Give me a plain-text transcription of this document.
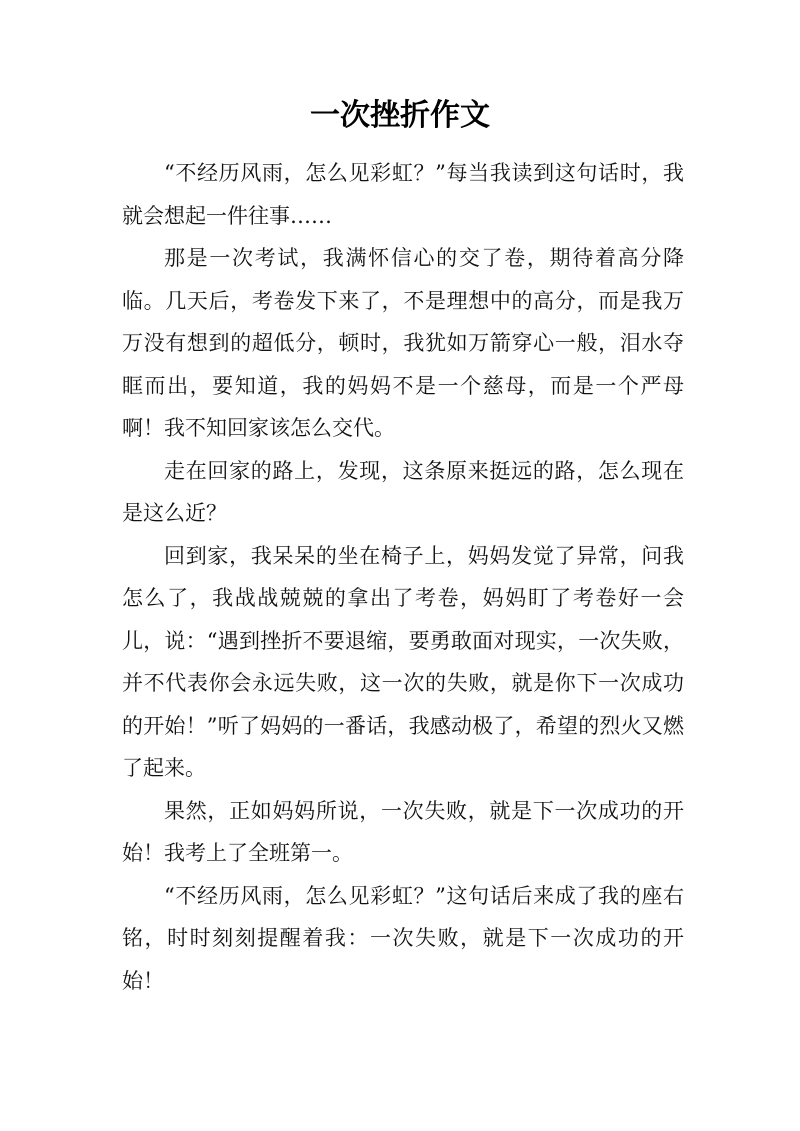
一次挫折作文

“不经历风雨，怎么见彩虹？”每当我读到这句话时，我就会想起一件往事……

那是一次考试，我满怀信心的交了卷，期待着高分降临。几天后，考卷发下来了，不是理想中的高分，而是我万万没有想到的超低分，顿时，我犹如万箭穿心一般，泪水夺眶而出，要知道，我的妈妈不是一个慈母，而是一个严母啊！我不知回家该怎么交代。

走在回家的路上，发现，这条原来挺远的路，怎么现在是这么近？

回到家，我呆呆的坐在椅子上，妈妈发觉了异常，问我怎么了，我战战兢兢的拿出了考卷，妈妈盯了考卷好一会儿，说：“遇到挫折不要退缩，要勇敢面对现实，一次失败，并不代表你会永远失败，这一次的失败，就是你下一次成功的开始！”听了妈妈的一番话，我感动极了，希望的烈火又燃了起来。

果然，正如妈妈所说，一次失败，就是下一次成功的开始！我考上了全班第一。

“不经历风雨，怎么见彩虹？”这句话后来成了我的座右铭，时时刻刻提醒着我：一次失败，就是下一次成功的开始！
